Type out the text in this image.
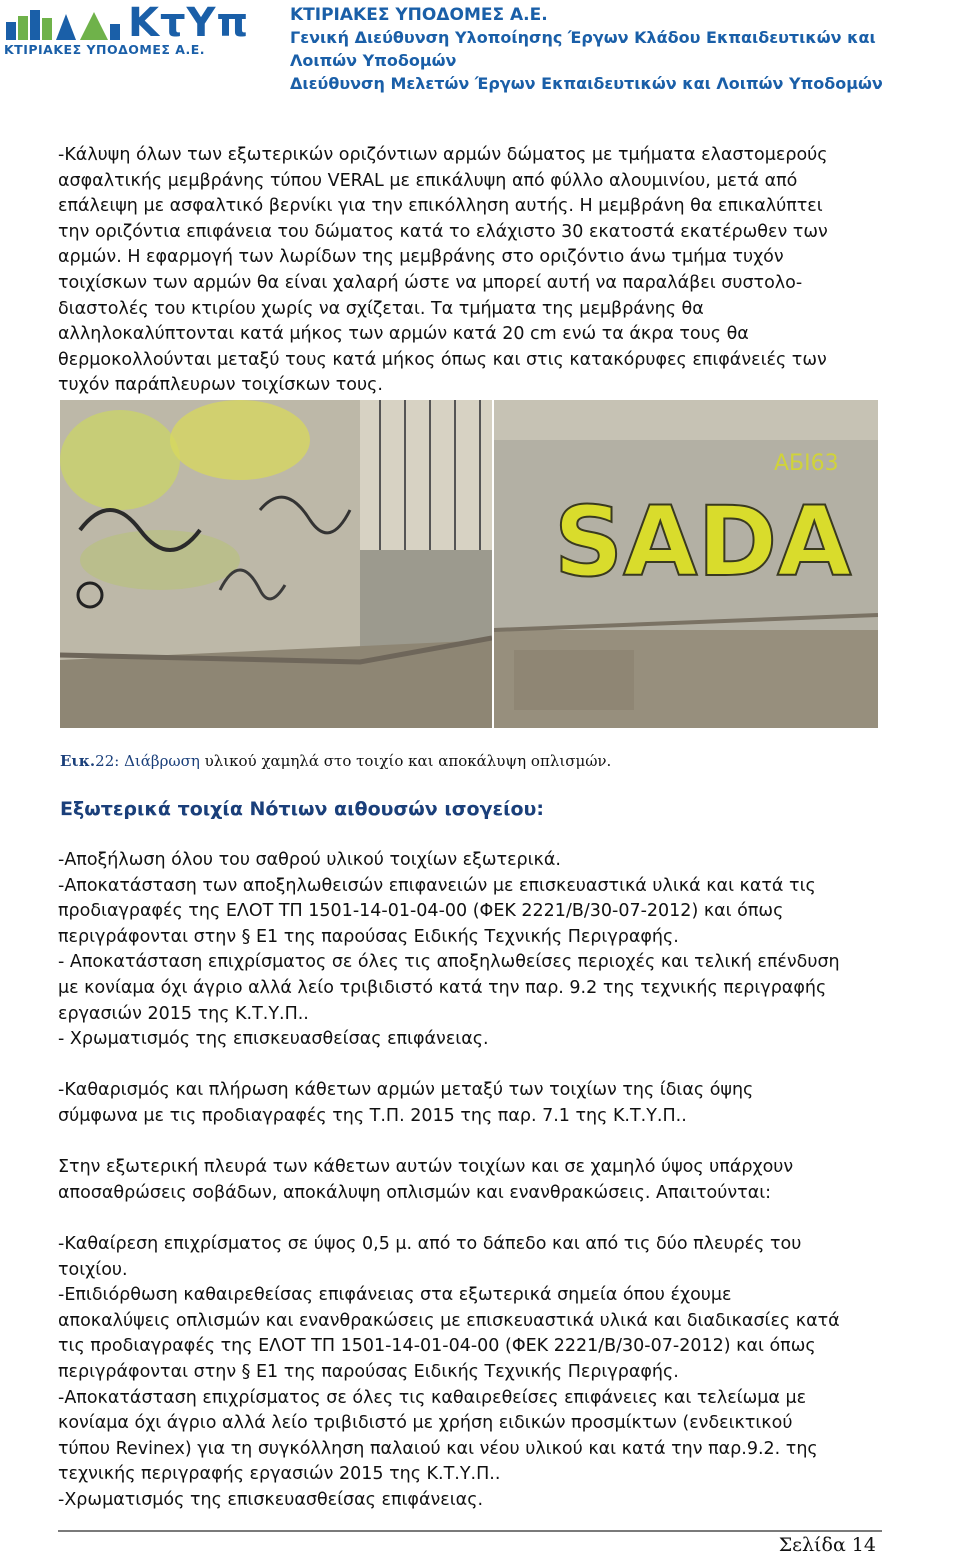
ΚτΥπ
ΚΤΙΡΙΑΚΕΣ ΥΠΟΔΟΜΕΣ Α.Ε.
ΚΤΙΡΙΑΚΕΣ ΥΠΟΔΟΜΕΣ Α.Ε.
Γενική Διεύθυνση Υλοποίησης Έργων Κλάδου Εκπαιδευτικών και
Λοιπών Υποδομών
Διεύθυνση Μελετών Έργων Εκπαιδευτικών και Λοιπών Υποδομών
-Κάλυψη όλων των εξωτερικών οριζόντιων αρμών δώματος με τμήματα ελαστομερούς
ασφαλτικής μεμβράνης τύπου VERAL με επικάλυψη από φύλλο αλουμινίου, μετά από
επάλειψη με ασφαλτικό βερνίκι για την επικόλληση αυτής. Η μεμβράνη θα επικαλύπτει
την οριζόντια επιφάνεια του δώματος κατά το ελάχιστο 30 εκατοστά εκατέρωθεν των
αρμών. Η εφαρμογή των λωρίδων της μεμβράνης στο οριζόντιο άνω τμήμα τυχόν
τοιχίσκων των αρμών θα είναι χαλαρή ώστε να μπορεί αυτή να παραλάβει συστολο-
διαστολές του κτιρίου χωρίς να σχίζεται. Τα τμήματα της μεμβράνης θα
αλληλοκαλύπτονται κατά μήκος των αρμών κατά 20 cm ενώ τα άκρα τους θα
θερμοκολλούνται μεταξύ τους κατά μήκος όπως και στις κατακόρυφες επιφάνειές των
τυχόν παράπλευρων τοιχίσκων τους.
SADA
АБІ63
Εικ.22: Διάβρωση υλικού χαμηλά στο τοιχίο και αποκάλυψη οπλισμών.
Εξωτερικά τοιχία Νότιων αιθουσών ισογείου:
-Αποξήλωση όλου του σαθρού υλικού τοιχίων εξωτερικά.
-Αποκατάσταση των αποξηλωθεισών επιφανειών με επισκευαστικά υλικά και κατά τις
προδιαγραφές της ΕΛΟΤ ΤΠ 1501-14-01-04-00 (ΦΕΚ 2221/Β/30-07-2012) και όπως
περιγράφονται στην § Ε1 της παρούσας Ειδικής Τεχνικής Περιγραφής.
- Αποκατάσταση επιχρίσματος σε όλες τις αποξηλωθείσες περιοχές και τελική επένδυση
με κονίαμα όχι άγριο αλλά λείο τριβιδιστό κατά την παρ. 9.2 της τεχνικής περιγραφής
εργασιών 2015 της Κ.Τ.Υ.Π..
- Χρωματισμός της επισκευασθείσας επιφάνειας.
-Καθαρισμός και πλήρωση κάθετων αρμών μεταξύ των τοιχίων της ίδιας όψης
σύμφωνα με τις προδιαγραφές της Τ.Π. 2015 της παρ. 7.1 της Κ.Τ.Υ.Π..
Στην εξωτερική πλευρά των κάθετων αυτών τοιχίων και σε χαμηλό ύψος υπάρχουν
αποσαθρώσεις σοβάδων, αποκάλυψη οπλισμών και ενανθρακώσεις. Απαιτούνται:
-Καθαίρεση επιχρίσματος σε ύψος 0,5 μ. από το δάπεδο και από τις δύο πλευρές του
τοιχίου.
-Επιδιόρθωση καθαιρεθείσας επιφάνειας στα εξωτερικά σημεία όπου έχουμε
αποκαλύψεις οπλισμών και ενανθρακώσεις με επισκευαστικά υλικά και διαδικασίες κατά
τις προδιαγραφές της ΕΛΟΤ ΤΠ 1501-14-01-04-00 (ΦΕΚ 2221/Β/30-07-2012) και όπως
περιγράφονται στην § Ε1 της παρούσας Ειδικής Τεχνικής Περιγραφής.
-Αποκατάσταση επιχρίσματος σε όλες τις καθαιρεθείσες επιφάνειες και τελείωμα με
κονίαμα όχι άγριο αλλά λείο τριβιδιστό με χρήση ειδικών προσμίκτων (ενδεικτικού
τύπου Revinex) για τη συγκόλληση παλαιού και νέου υλικού και κατά την παρ.9.2. της
τεχνικής περιγραφής εργασιών 2015 της Κ.Τ.Υ.Π..
-Χρωματισμός της επισκευασθείσας επιφάνειας.
Σελίδα 14
